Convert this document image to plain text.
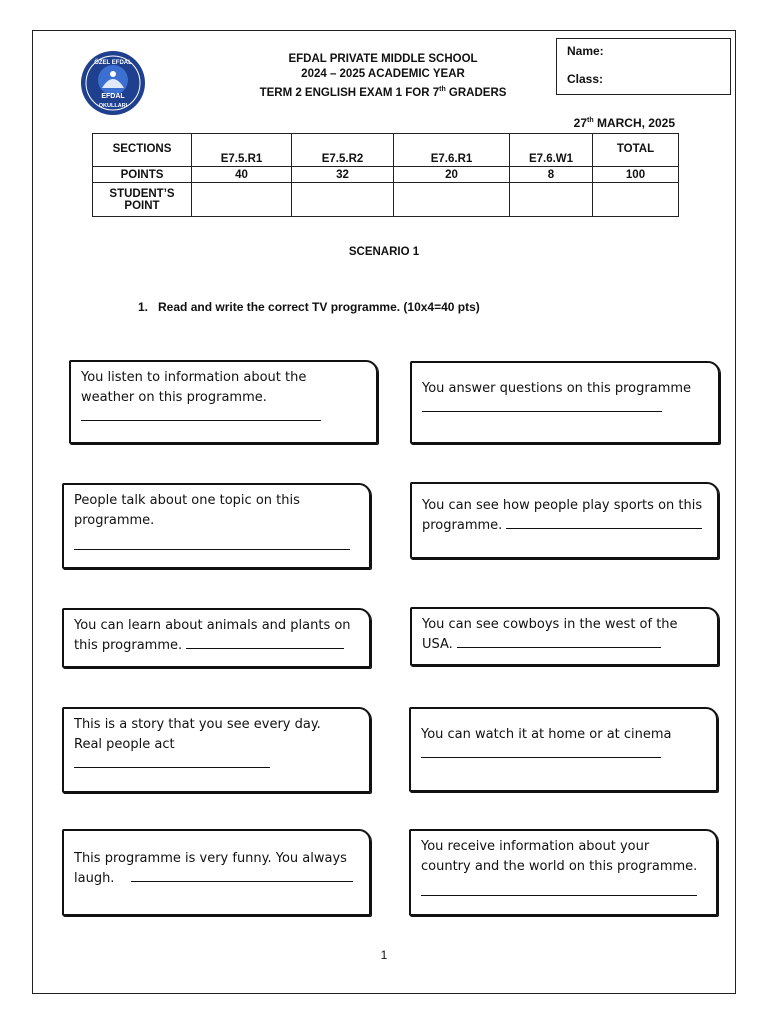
ÖZEL EFDAL
EFDAL
OKULLARI
EFDAL PRIVATE MIDDLE SCHOOL
2024 – 2025 ACADEMIC YEAR
TERM 2 ENGLISH EXAM 1 FOR 7th GRADERS
Name:
Class:
27th MARCH, 2025
SECTIONS	E7.5.R1	E7.5.R2	E7.6.R1	E7.6.W1	TOTAL
POINTS	40	32	20	8	100

STUDENT’S
POINT					

SCENARIO 1
1. Read and write the correct TV programme. (10x4=40 pts)
You listen to information about the
weather on this programme.
People talk about one topic on this
programme.
You can learn about animals and plants on
this programme.
This is a story that you see every day.
Real people act
This programme is very funny. You always
laugh.
You answer questions on this programme
You can see how people play sports on this
programme.
You can see cowboys in the west of the
USA.
You can watch it at home or at cinema
You receive information about your
country and the world on this programme.
1
